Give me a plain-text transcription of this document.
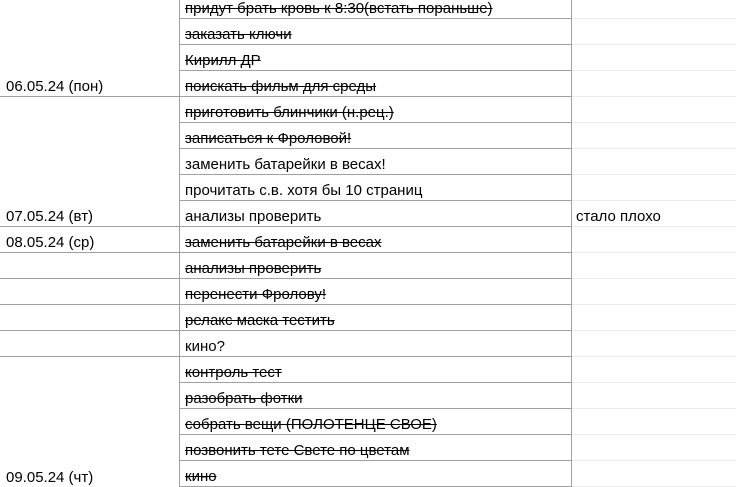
придут брать кровь к 8:30(встать пораньше)
заказать ключи
Кирилл ДР
06.05.24 (пон)	поискать фильм для среды
приготовить блинчики (н.рец.)
записаться к Фроловой!
заменить батарейки в весах!
прочитать с.в. хотя бы 10 страниц
07.05.24 (вт)	анализы проверить	стало плохо
08.05.24 (ср)	заменить батарейки в весах
анализы проверить
перенести Фролову!
релакс маска тестить
кино?
контроль тест
разобрать фотки
собрать вещи (ПОЛОТЕНЦЕ СВОЕ)
позвонить тете Свете по цветам
09.05.24 (чт)	кино
